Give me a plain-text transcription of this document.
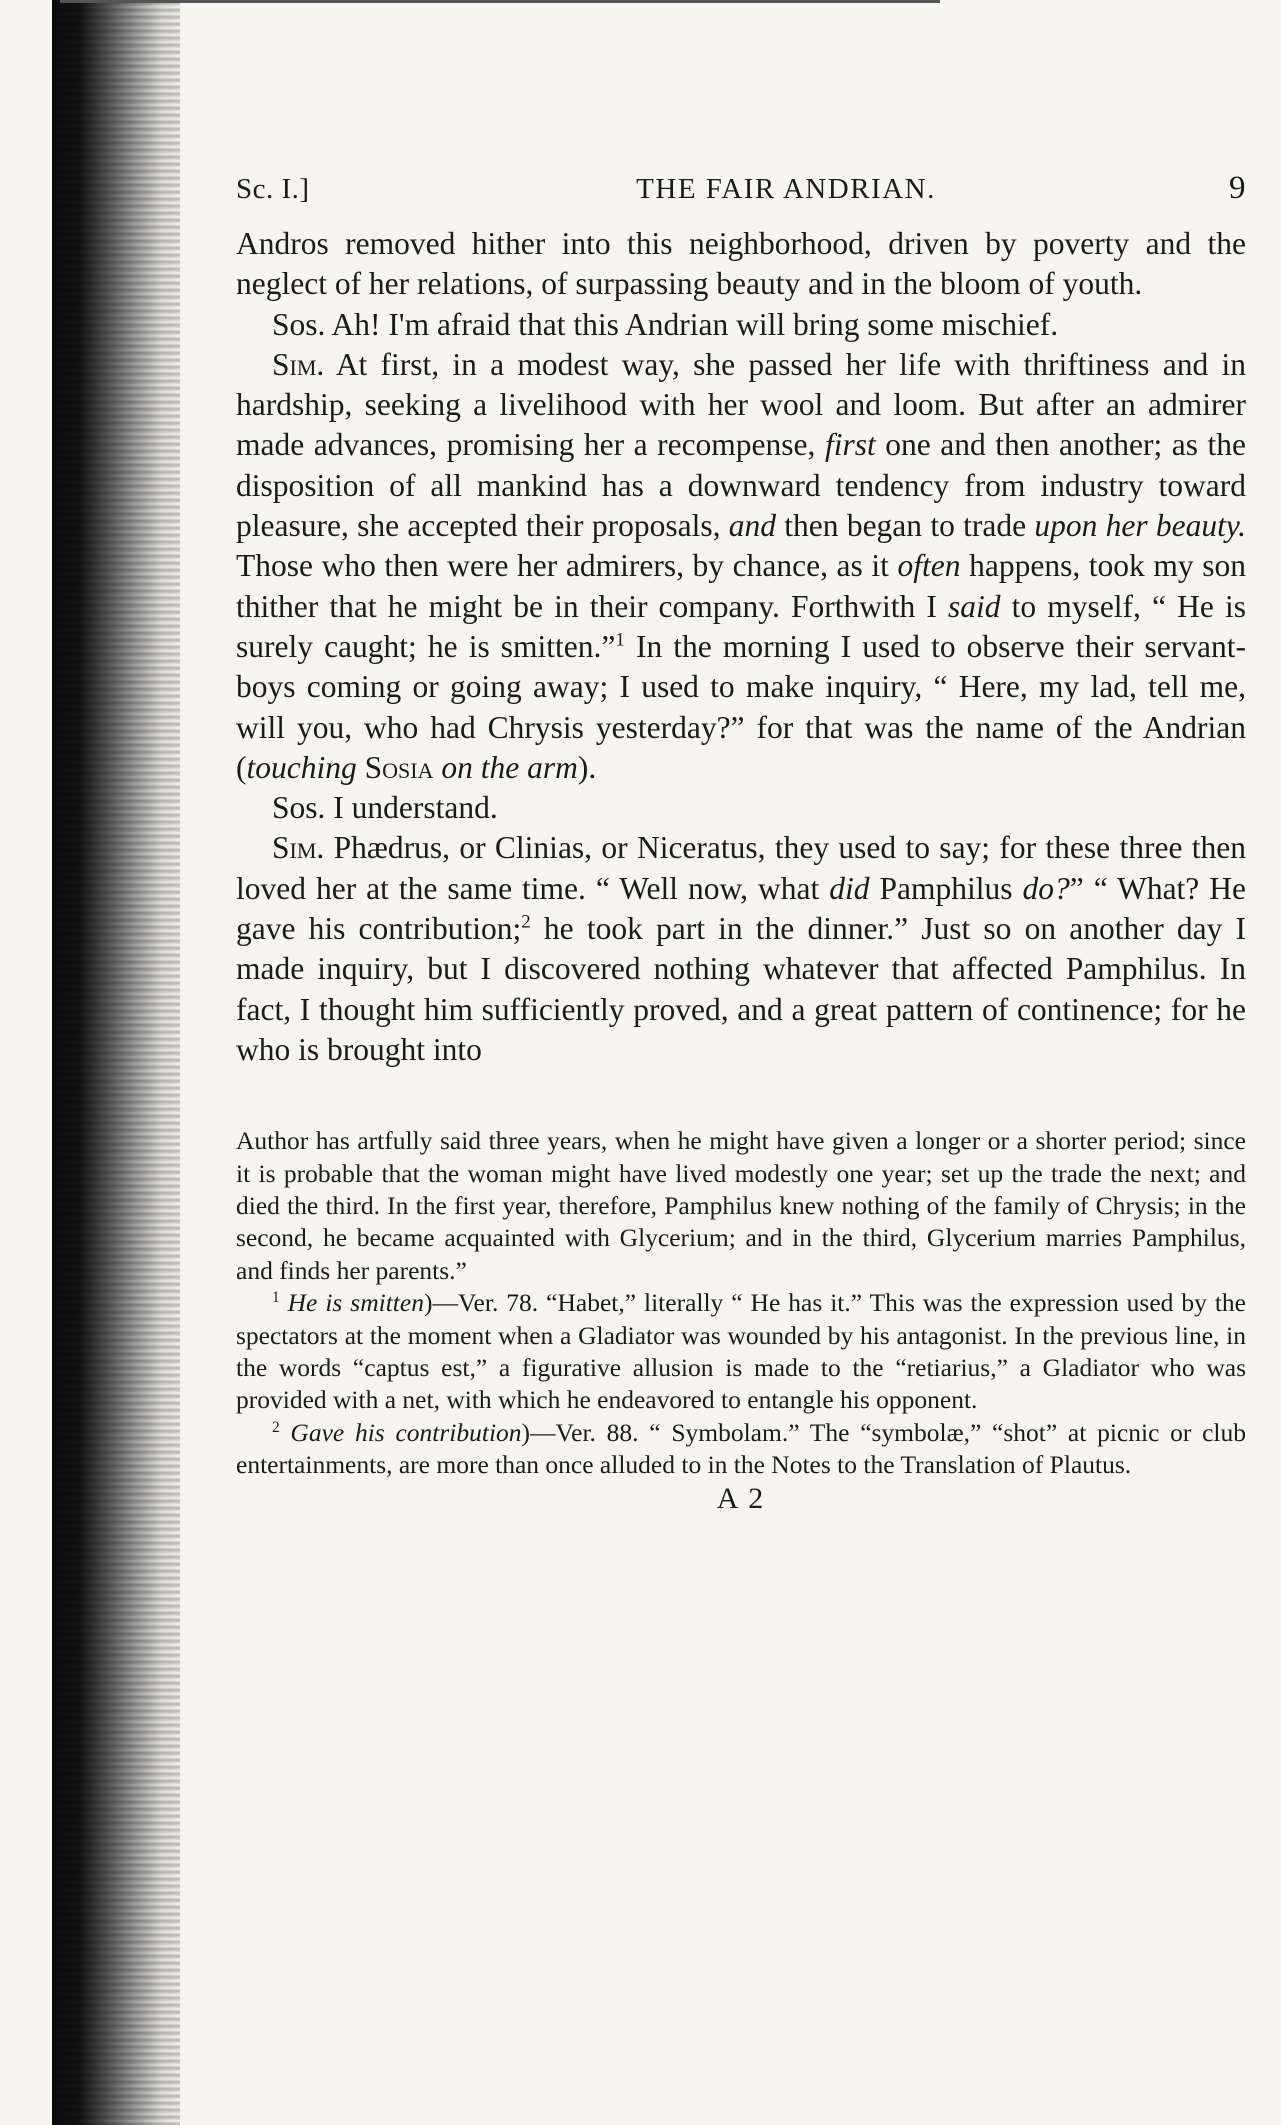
Sc. I.]	THE FAIR ANDRIAN.	9

Andros removed hither into this neighborhood, driven by poverty and the neglect of her relations, of surpassing beauty and in the bloom of youth.

Sos. Ah! I'm afraid that this Andrian will bring some mischief.

Sim. At first, in a modest way, she passed her life with thriftiness and in hardship, seeking a livelihood with her wool and loom. But after an admirer made advances, promising her a recompense, first one and then another; as the disposition of all mankind has a downward tendency from industry toward pleasure, she accepted their proposals, and then began to trade upon her beauty. Those who then were her admirers, by chance, as it often happens, took my son thither that he might be in their company. Forthwith I said to myself, “ He is surely caught; he is smitten.”$^1$ In the morning I used to observe their servant-boys coming or going away; I used to make inquiry, “ Here, my lad, tell me, will you, who had Chrysis yesterday?” for that was the name of the Andrian (touching Sosia on the arm).

Sos. I understand.

Sim. Phædrus, or Clinias, or Niceratus, they used to say; for these three then loved her at the same time. “ Well now, what did Pamphilus do?” “ What? He gave his contribution;$^2$ he took part in the dinner.” Just so on another day I made inquiry, but I discovered nothing whatever that affected Pamphilus. In fact, I thought him sufficiently proved, and a great pattern of continence; for he who is brought into

Author has artfully said three years, when he might have given a longer or a shorter period; since it is probable that the woman might have lived modestly one year; set up the trade the next; and died the third. In the first year, therefore, Pamphilus knew nothing of the family of Chrysis; in the second, he became acquainted with Glycerium; and in the third, Glycerium marries Pamphilus, and finds her parents.”

$^1$ He is smitten)—Ver. 78. “Habet,” literally “ He has it.” This was the expression used by the spectators at the moment when a Gladiator was wounded by his antagonist. In the previous line, in the words “captus est,” a figurative allusion is made to the “retiarius,” a Gladiator who was provided with a net, with which he endeavored to entangle his opponent.

$^2$ Gave his contribution)—Ver. 88. “ Symbolam.” The “symbolæ,” “shot” at picnic or club entertainments, are more than once alluded to in the Notes to the Translation of Plautus.

A 2
